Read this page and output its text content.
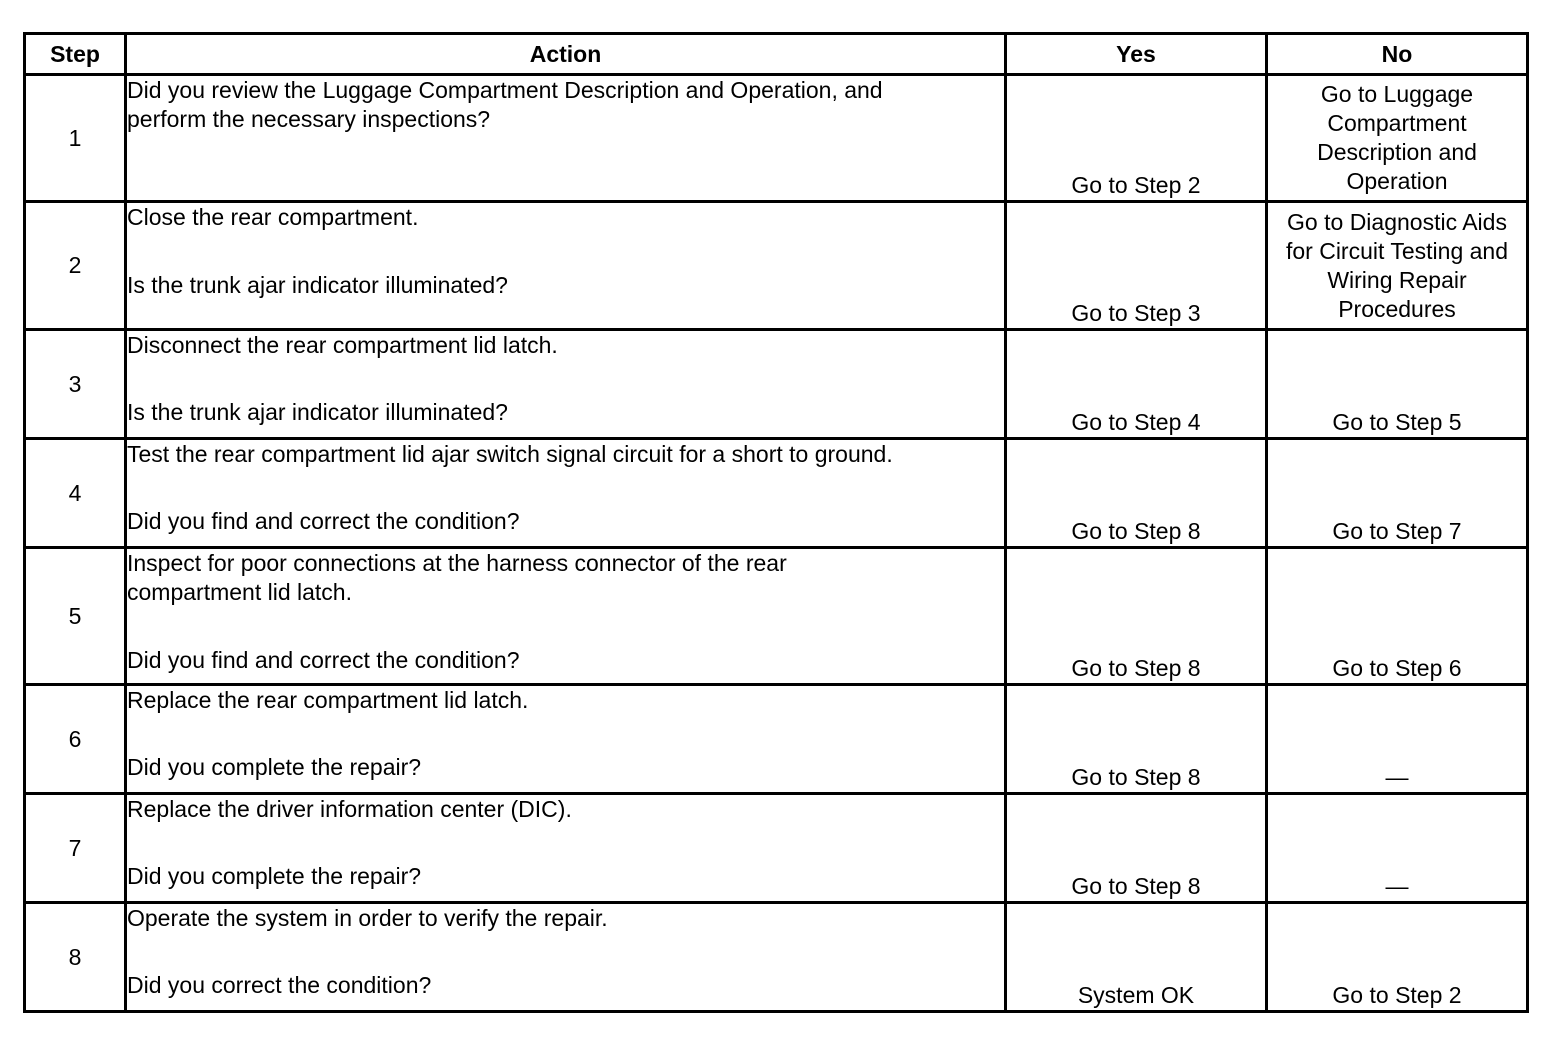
Step	Action	Yes	No
1	Did you review the Luggage Compartment Description and Operation, and
perform the necessary inspections?	Go to Step 2	Go to Luggage
Compartment
Description and
Operation

2	Close the rear compartment.
Is the trunk ajar indicator illuminated?	Go to Step 3	Go to Diagnostic Aids
for Circuit Testing and
Wiring Repair
Procedures

3	Disconnect the rear compartment lid latch.
Is the trunk ajar indicator illuminated?	Go to Step 4	Go to Step 5
4	Test the rear compartment lid ajar switch signal circuit for a short to ground.
Did you find and correct the condition?	Go to Step 8	Go to Step 7
5	Inspect for poor connections at the harness connector of the rear
compartment lid latch.
Did you find and correct the condition?	Go to Step 8	Go to Step 6
6	Replace the rear compartment lid latch.
Did you complete the repair?	Go to Step 8	—
7	Replace the driver information center (DIC).
Did you complete the repair?	Go to Step 8	—
8	Operate the system in order to verify the repair.
Did you correct the condition?	System OK	Go to Step 2
